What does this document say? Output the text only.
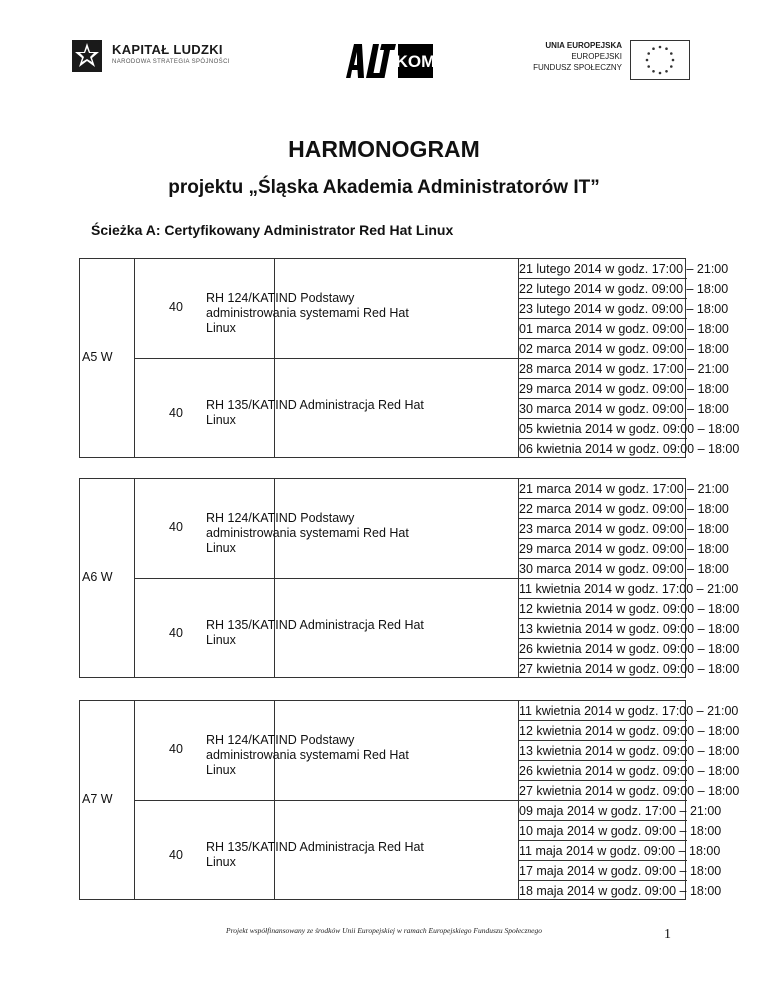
KAPITAŁ LUDZKI
NARODOWA STRATEGIA SPÓJNOŚCI	KOM
UNIA EUROPEJSKA
EUROPEJSKI
FUNDUSZ SPOŁECZNY
HARMONOGRAM
projektu „Śląska Akademia Administratorów IT”
Ścieżka A: Certyfikowany Administrator Red Hat Linux
A5 W
40
40
RH 124/KATIND Podstawy administrowania systemami Red Hat Linux
RH 135/KATIND Administracja Red Hat Linux
21 lutego 2014 w godz. 17:00 – 21:00
22 lutego 2014 w godz. 09:00 – 18:00
23 lutego 2014 w godz. 09:00 – 18:00
01 marca 2014 w godz. 09:00 – 18:00
02 marca 2014 w godz. 09:00 – 18:00
28 marca 2014 w godz. 17:00 – 21:00
29 marca 2014 w godz. 09:00 – 18:00
30 marca 2014 w godz. 09:00 – 18:00
05 kwietnia 2014 w godz. 09:00 – 18:00
06 kwietnia 2014 w godz. 09:00 – 18:00
A6 W
40
40
RH 124/KATIND Podstawy administrowania systemami Red Hat Linux
RH 135/KATIND Administracja Red Hat Linux
21 marca 2014 w godz. 17:00 – 21:00
22 marca 2014 w godz. 09:00 – 18:00
23 marca 2014 w godz. 09:00 – 18:00
29 marca 2014 w godz. 09:00 – 18:00
30 marca 2014 w godz. 09:00 – 18:00
11 kwietnia 2014 w godz. 17:00 – 21:00
12 kwietnia 2014 w godz. 09:00 – 18:00
13 kwietnia 2014 w godz. 09:00 – 18:00
26 kwietnia 2014 w godz. 09:00 – 18:00
27 kwietnia 2014 w godz. 09:00 – 18:00
A7 W
40
40
RH 124/KATIND Podstawy administrowania systemami Red Hat Linux
RH 135/KATIND Administracja Red Hat Linux
11 kwietnia 2014 w godz. 17:00 – 21:00
12 kwietnia 2014 w godz. 09:00 – 18:00
13 kwietnia 2014 w godz. 09:00 – 18:00
26 kwietnia 2014 w godz. 09:00 – 18:00
27 kwietnia 2014 w godz. 09:00 – 18:00
09 maja 2014 w godz. 17:00 – 21:00
10 maja 2014 w godz. 09:00 – 18:00
11 maja 2014 w godz. 09:00 – 18:00
17 maja 2014 w godz. 09:00 – 18:00
18 maja 2014 w godz. 09:00 – 18:00
Projekt współfinansowany ze środków Unii Europejskiej w ramach Europejskiego Funduszu Społecznego	1
